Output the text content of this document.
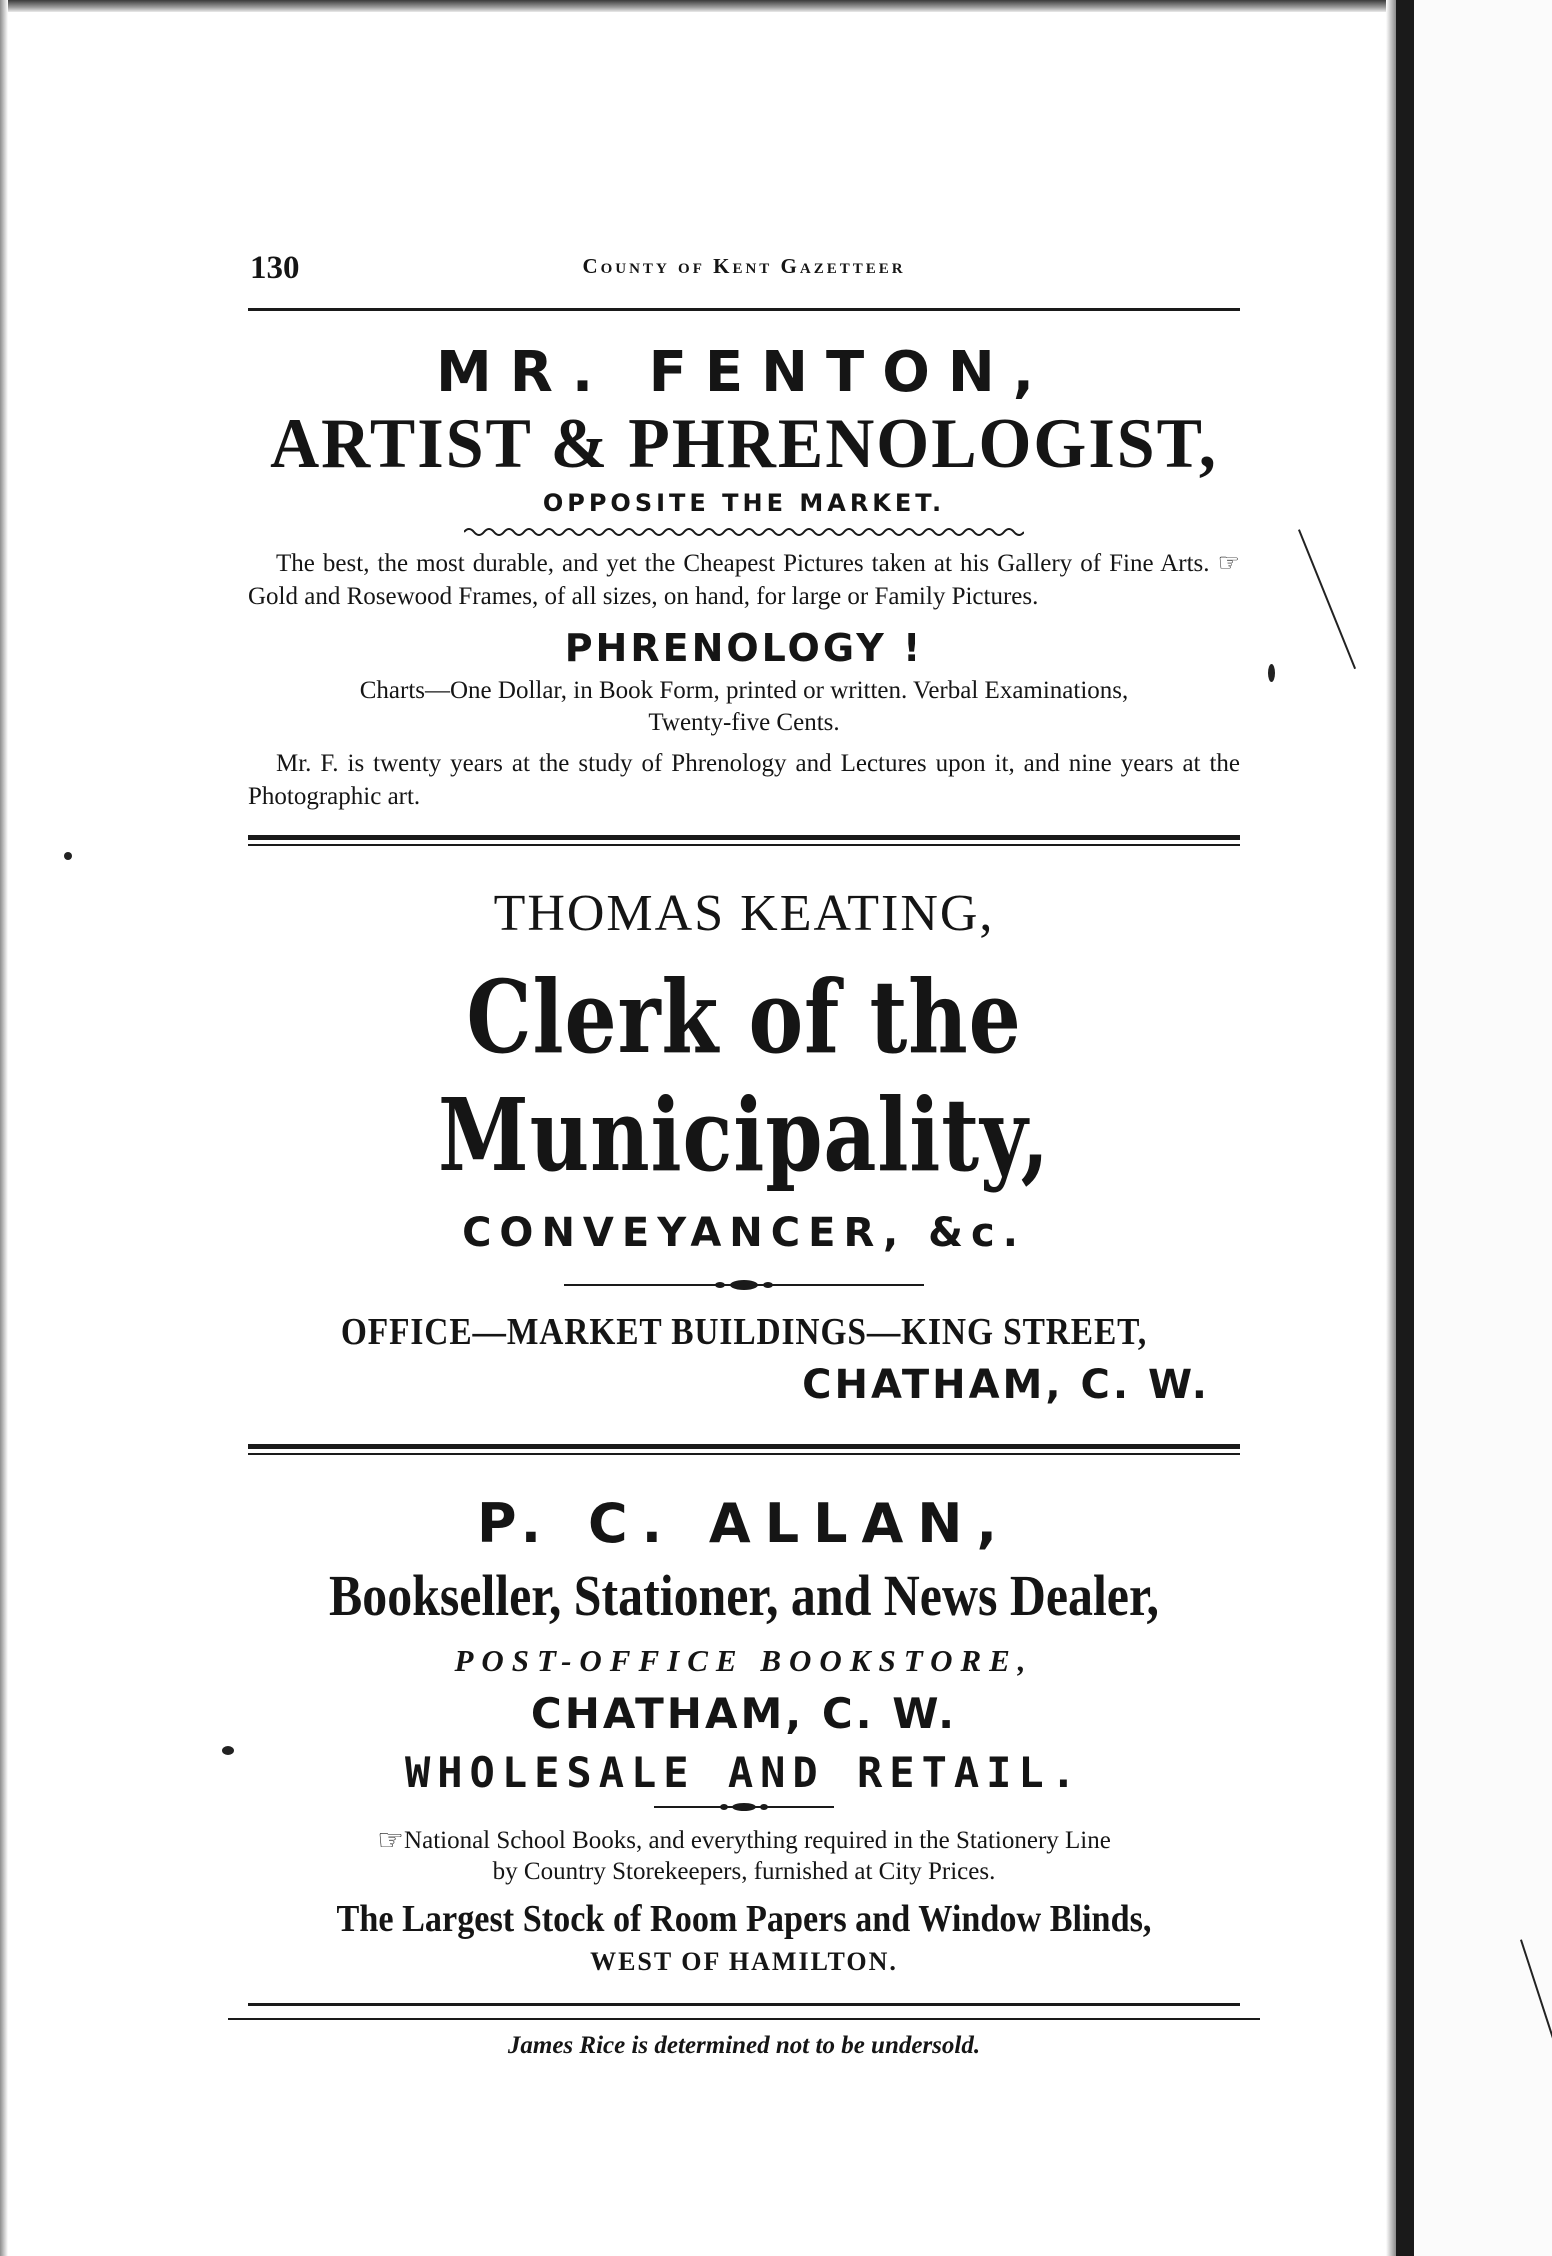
130	County of Kent Gazetteer
MR. FENTON,
ARTIST & PHRENOLOGIST,
OPPOSITE THE MARKET.
The best, the most durable, and yet the Cheapest Pictures taken at his Gallery of Fine Arts. ☞ Gold and Rosewood Frames, of all sizes, on hand, for large or Family Pictures.
PHRENOLOGY !
Charts—One Dollar, in Book Form, printed or written. Verbal Examinations,
Twenty-five Cents.
Mr. F. is twenty years at the study of Phrenology and Lectures upon it, and nine years at the Photographic art.
THOMAS KEATING,
Clerk of the Municipality,
CONVEYANCER, &c.
OFFICE—MARKET BUILDINGS—KING STREET,
CHATHAM, C. W.
P. C. ALLAN,
Bookseller, Stationer, and News Dealer,
POST-OFFICE BOOKSTORE,
CHATHAM, C. W.
WHOLESALE AND RETAIL.
☞National School Books, and everything required in the Stationery Line
by Country Storekeepers, furnished at City Prices.
The Largest Stock of Room Papers and Window Blinds,
WEST OF HAMILTON.
James Rice is determined not to be undersold.
